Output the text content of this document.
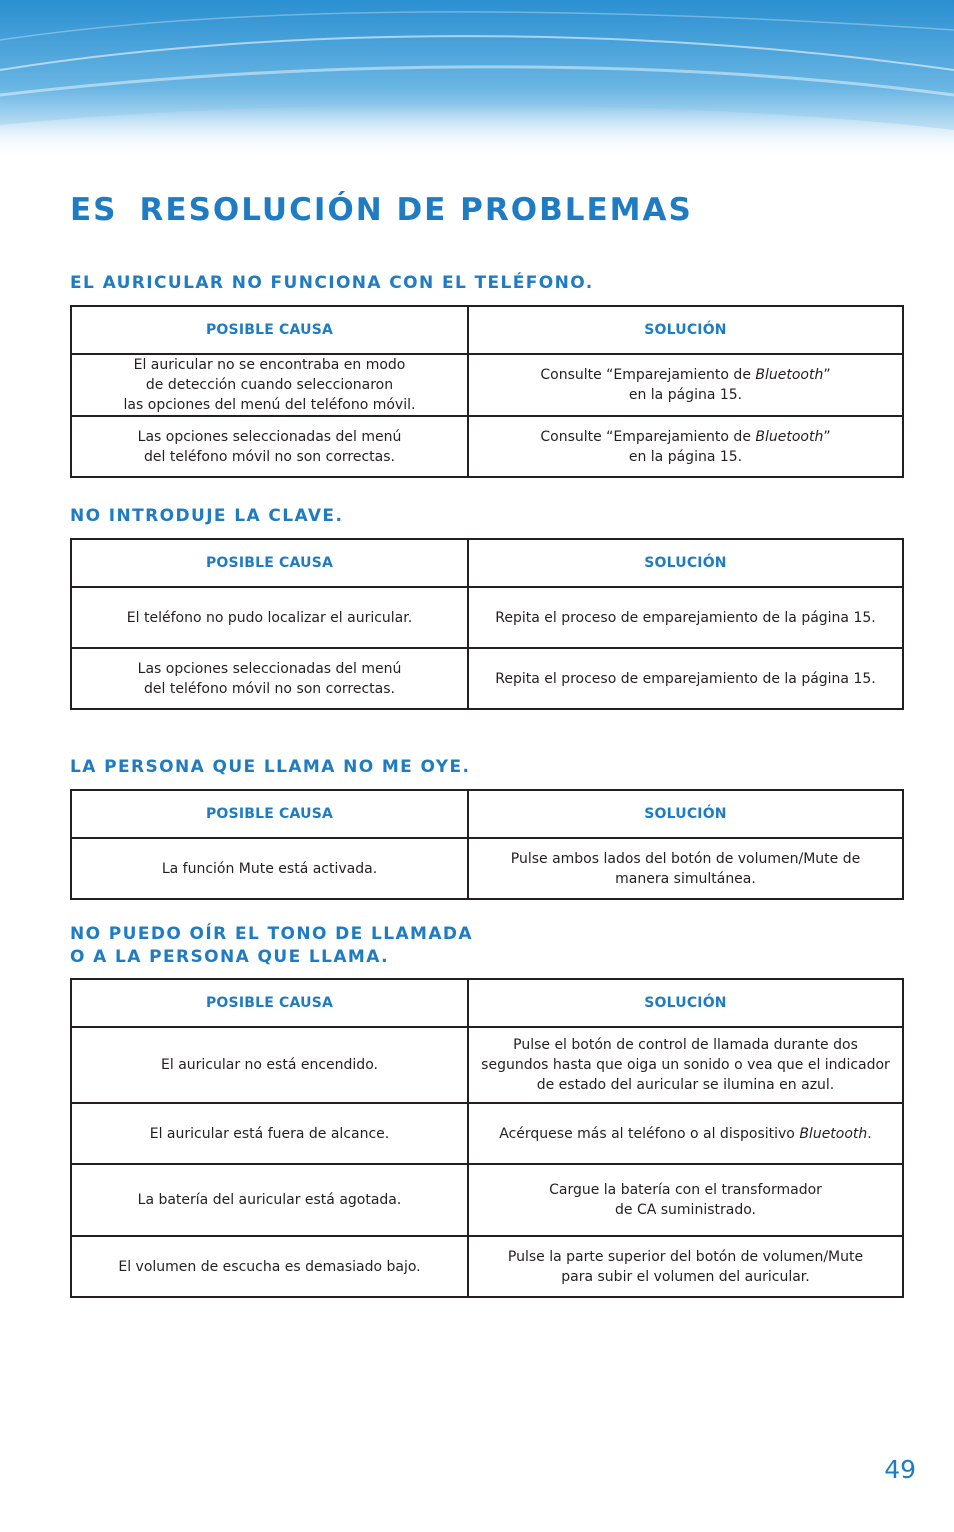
ES RESOLUCIÓN DE PROBLEMAS
EL AURICULAR NO FUNCIONA CON EL TELÉFONO.
POSIBLE CAUSA	SOLUCIÓN

El auricular no se encontraba en modo
de detección cuando seleccionaron
las opciones del menú del teléfono móvil.	Consulte “Emparejamiento de Bluetooth”
en la página 15.

Las opciones seleccionadas del menú
del teléfono móvil no son correctas.	Consulte “Emparejamiento de Bluetooth”
en la página 15.
NO INTRODUJE LA CLAVE.
POSIBLE CAUSA	SOLUCIÓN

El teléfono no pudo localizar el auricular.	Repita el proceso de emparejamiento de la página 15.

Las opciones seleccionadas del menú
del teléfono móvil no son correctas.	Repita el proceso de emparejamiento de la página 15.
LA PERSONA QUE LLAMA NO ME OYE.
POSIBLE CAUSA	SOLUCIÓN

La función Mute está activada.	Pulse ambos lados del botón de volumen/Mute de
manera simultánea.
NO PUEDO OÍR EL TONO DE LLAMADA
O A LA PERSONA QUE LLAMA.
POSIBLE CAUSA	SOLUCIÓN

El auricular no está encendido.	Pulse el botón de control de llamada durante dos
segundos hasta que oiga un sonido o vea que el indicador
de estado del auricular se ilumina en azul.

El auricular está fuera de alcance.	Acérquese más al teléfono o al dispositivo Bluetooth.

La batería del auricular está agotada.	Cargue la batería con el transformador
de CA suministrado.

El volumen de escucha es demasiado bajo.	Pulse la parte superior del botón de volumen/Mute
para subir el volumen del auricular.
49
